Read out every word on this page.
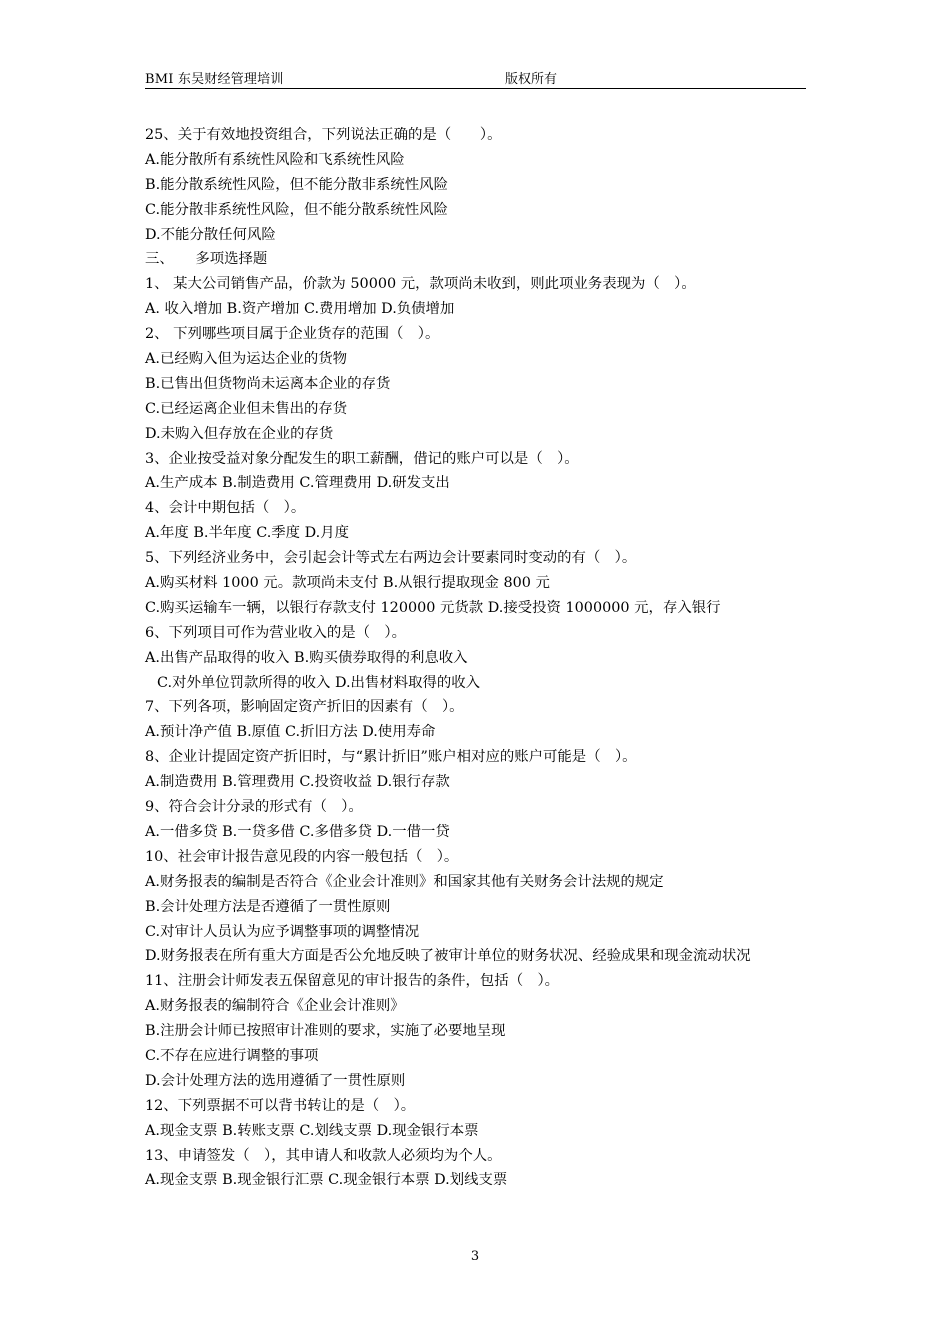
BMI 东吴财经管理培训	版权所有
25、关于有效地投资组合，下列说法正确的是（　　）。
A.能分散所有系统性风险和飞系统性风险
B.能分散系统性风险，但不能分散非系统性风险
C.能分散非系统性风险，但不能分散系统性风险
D.不能分散任何风险
三、　　多项选择题
1、 某大公司销售产品，价款为 50000 元，款项尚未收到，则此项业务表现为（　）。
A. 收入增加 B.资产增加 C.费用增加 D.负债增加
2、 下列哪些项目属于企业货存的范围（　）。
A.已经购入但为运达企业的货物
B.已售出但货物尚未运离本企业的存货
C.已经运离企业但未售出的存货
D.未购入但存放在企业的存货
3、企业按受益对象分配发生的职工薪酬，借记的账户可以是（　）。
A.生产成本 B.制造费用 C.管理费用 D.研发支出
4、会计中期包括（　）。
A.年度 B.半年度 C.季度 D.月度
5、下列经济业务中，会引起会计等式左右两边会计要素同时变动的有（　）。
A.购买材料 1000 元。款项尚未支付 B.从银行提取现金 800 元
C.购买运输车一辆，以银行存款支付 120000 元货款 D.接受投资 1000000 元，存入银行
6、下列项目可作为营业收入的是（　）。
A.出售产品取得的收入 B.购买债券取得的利息收入
C.对外单位罚款所得的收入 D.出售材料取得的收入
7、下列各项，影响固定资产折旧的因素有（　）。
A.预计净产值 B.原值 C.折旧方法 D.使用寿命
8、企业计提固定资产折旧时，与“累计折旧”账户相对应的账户可能是（　）。
A.制造费用 B.管理费用 C.投资收益 D.银行存款
9、符合会计分录的形式有（　）。
A.一借多贷 B.一贷多借 C.多借多贷 D.一借一贷
10、社会审计报告意见段的内容一般包括（　）。
A.财务报表的编制是否符合《企业会计准则》和国家其他有关财务会计法规的规定
B.会计处理方法是否遵循了一贯性原则
C.对审计人员认为应予调整事项的调整情况
D.财务报表在所有重大方面是否公允地反映了被审计单位的财务状况、经验成果和现金流动状况
11、注册会计师发表五保留意见的审计报告的条件，包括（　）。
A.财务报表的编制符合《企业会计准则》
B.注册会计师已按照审计准则的要求，实施了必要地呈现
C.不存在应进行调整的事项
D.会计处理方法的选用遵循了一贯性原则
12、下列票据不可以背书转让的是（　）。
A.现金支票 B.转账支票 C.划线支票 D.现金银行本票
13、申请签发（　），其申请人和收款人必须均为个人。
A.现金支票 B.现金银行汇票 C.现金银行本票 D.划线支票
3
